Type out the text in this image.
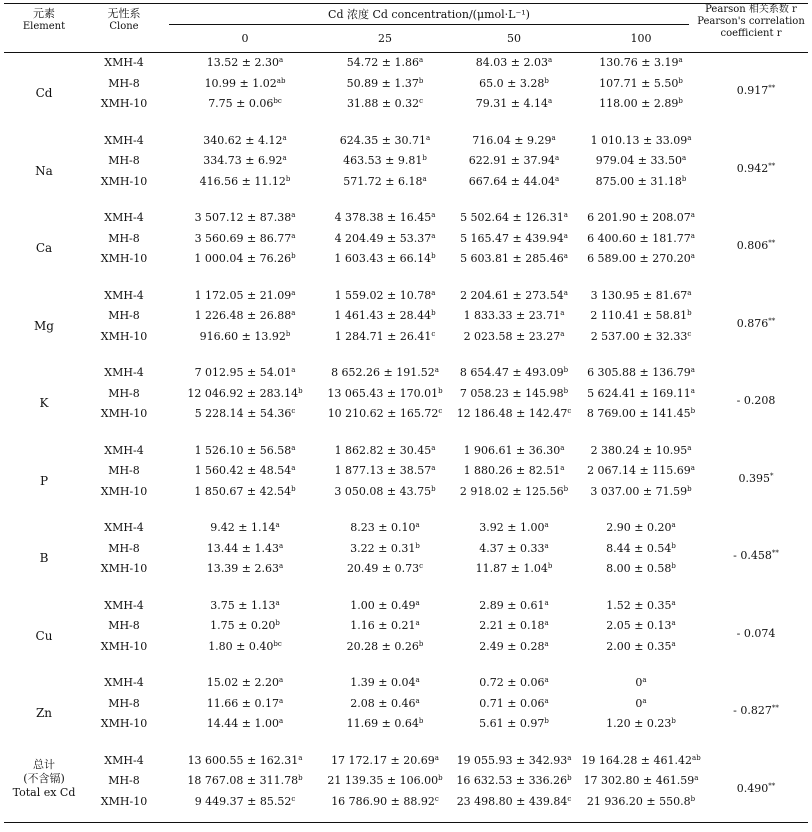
元素
Element
无性系
Clone
Cd 浓度 Cd concentration/(μmol·L⁻¹)
0	25	50	100
Pearson 相关系数 r
Pearson's correlation
coefficient r
Cd
XMH-4	13.52 ± 2.30$^a$	54.72 ± 1.86$^a$	84.03 ± 2.03$^a$	130.76 ± 3.19$^a$
MH-8	10.99 ± 1.02$^{ab}$	50.89 ± 1.37$^b$	65.0 ± 3.28$^b$	107.71 ± 5.50$^b$
XMH-10	7.75 ± 0.06$^{bc}$	31.88 ± 0.32$^c$	79.31 ± 4.14$^a$	118.00 ± 2.89$^b$
0.917**
Na
XMH-4	340.62 ± 4.12$^a$	624.35 ± 30.71$^a$	716.04 ± 9.29$^a$	1 010.13 ± 33.09$^a$
MH-8	334.73 ± 6.92$^a$	463.53 ± 9.81$^b$	622.91 ± 37.94$^a$	979.04 ± 33.50$^a$
XMH-10	416.56 ± 11.12$^b$	571.72 ± 6.18$^a$	667.64 ± 44.04$^a$	875.00 ± 31.18$^b$
0.942**
Ca
XMH-4	3 507.12 ± 87.38$^a$	4 378.38 ± 16.45$^a$	5 502.64 ± 126.31$^a$	6 201.90 ± 208.07$^a$
MH-8	3 560.69 ± 86.77$^a$	4 204.49 ± 53.37$^a$	5 165.47 ± 439.94$^a$	6 400.60 ± 181.77$^a$
XMH-10	1 000.04 ± 76.26$^b$	1 603.43 ± 66.14$^b$	5 603.81 ± 285.46$^a$	6 589.00 ± 270.20$^a$
0.806**
Mg
XMH-4	1 172.05 ± 21.09$^a$	1 559.02 ± 10.78$^a$	2 204.61 ± 273.54$^a$	3 130.95 ± 81.67$^a$
MH-8	1 226.48 ± 26.88$^a$	1 461.43 ± 28.44$^b$	1 833.33 ± 23.71$^a$	2 110.41 ± 58.81$^b$
XMH-10	916.60 ± 13.92$^b$	1 284.71 ± 26.41$^c$	2 023.58 ± 23.27$^a$	2 537.00 ± 32.33$^c$
0.876**
K
XMH-4	7 012.95 ± 54.01$^a$	8 652.26 ± 191.52$^a$	8 654.47 ± 493.09$^b$	6 305.88 ± 136.79$^a$
MH-8	12 046.92 ± 283.14$^b$	13 065.43 ± 170.01$^b$	7 058.23 ± 145.98$^b$	5 624.41 ± 169.11$^a$
XMH-10	5 228.14 ± 54.36$^c$	10 210.62 ± 165.72$^c$	12 186.48 ± 142.47$^c$	8 769.00 ± 141.45$^b$
- 0.208
P
XMH-4	1 526.10 ± 56.58$^a$	1 862.82 ± 30.45$^a$	1 906.61 ± 36.30$^a$	2 380.24 ± 10.95$^a$
MH-8	1 560.42 ± 48.54$^a$	1 877.13 ± 38.57$^a$	1 880.26 ± 82.51$^a$	2 067.14 ± 115.69$^a$
XMH-10	1 850.67 ± 42.54$^b$	3 050.08 ± 43.75$^b$	2 918.02 ± 125.56$^b$	3 037.00 ± 71.59$^b$
0.395*
B
XMH-4	9.42 ± 1.14$^a$	8.23 ± 0.10$^a$	3.92 ± 1.00$^a$	2.90 ± 0.20$^a$
MH-8	13.44 ± 1.43$^a$	3.22 ± 0.31$^b$	4.37 ± 0.33$^a$	8.44 ± 0.54$^b$
XMH-10	13.39 ± 2.63$^a$	20.49 ± 0.73$^c$	11.87 ± 1.04$^b$	8.00 ± 0.58$^b$
- 0.458**
Cu
XMH-4	3.75 ± 1.13$^a$	1.00 ± 0.49$^a$	2.89 ± 0.61$^a$	1.52 ± 0.35$^a$
MH-8	1.75 ± 0.20$^b$	1.16 ± 0.21$^a$	2.21 ± 0.18$^a$	2.05 ± 0.13$^a$
XMH-10	1.80 ± 0.40$^{bc}$	20.28 ± 0.26$^b$	2.49 ± 0.28$^a$	2.00 ± 0.35$^a$
- 0.074
Zn
XMH-4	15.02 ± 2.20$^a$	1.39 ± 0.04$^a$	0.72 ± 0.06$^a$	0$^a$
MH-8	11.66 ± 0.17$^a$	2.08 ± 0.46$^a$	0.71 ± 0.06$^a$	0$^a$
XMH-10	14.44 ± 1.00$^a$	11.69 ± 0.64$^b$	5.61 ± 0.97$^b$	1.20 ± 0.23$^b$
- 0.827**
总计
(不含镉)
Total ex Cd
XMH-4	13 600.55 ± 162.31$^a$	17 172.17 ± 20.69$^a$	19 055.93 ± 342.93$^a$ 19 164.28 ± 461.42$^{ab}$
MH-8	18 767.08 ± 311.78$^b$	21 139.35 ± 106.00$^b$	16 632.53 ± 336.26$^b$	17 302.80 ± 461.59$^a$
XMH-10	9 449.37 ± 85.52$^c$	16 786.90 ± 88.92$^c$	23 498.80 ± 439.84$^c$	21 936.20 ± 550.8$^b$
0.490**
